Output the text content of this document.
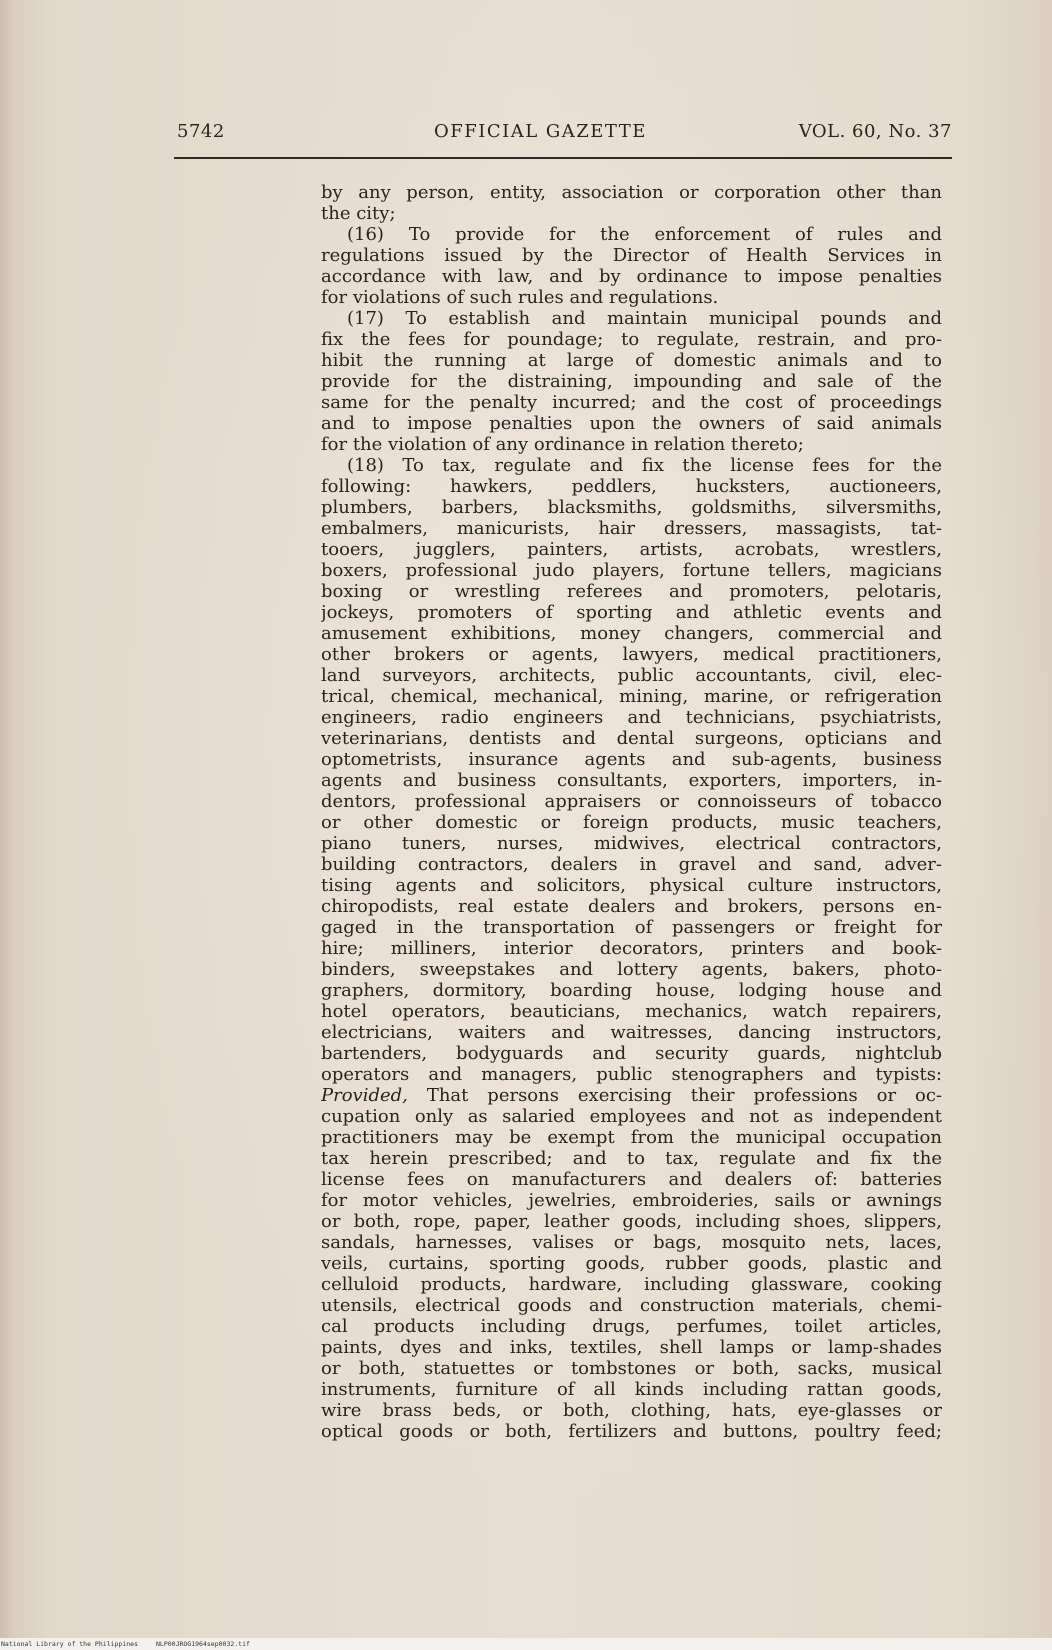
5742	OFFICIAL GAZETTE	VOL. 60, No. 37
by any person, entity, association or corporation other than
the city;
(16) To provide for the enforcement of rules and
regulations issued by the Director of Health Services in
accordance with law, and by ordinance to impose penalties
for violations of such rules and regulations.
(17) To establish and maintain municipal pounds and
fix the fees for poundage; to regulate, restrain, and pro-
hibit the running at large of domestic animals and to
provide for the distraining, impounding and sale of the
same for the penalty incurred; and the cost of proceedings
and to impose penalties upon the owners of said animals
for the violation of any ordinance in relation thereto;
(18) To tax, regulate and fix the license fees for the
following: hawkers, peddlers, hucksters, auctioneers,
plumbers, barbers, blacksmiths, goldsmiths, silversmiths,
embalmers, manicurists, hair dressers, massagists, tat-
tooers, jugglers, painters, artists, acrobats, wrestlers,
boxers, professional judo players, fortune tellers, magicians
boxing or wrestling referees and promoters, pelotaris,
jockeys, promoters of sporting and athletic events and
amusement exhibitions, money changers, commercial and
other brokers or agents, lawyers, medical practitioners,
land surveyors, architects, public accountants, civil, elec-
trical, chemical, mechanical, mining, marine, or refrigeration
engineers, radio engineers and technicians, psychiatrists,
veterinarians, dentists and dental surgeons, opticians and
optometrists, insurance agents and sub-agents, business
agents and business consultants, exporters, importers, in-
dentors, professional appraisers or connoisseurs of tobacco
or other domestic or foreign products, music teachers,
piano tuners, nurses, midwives, electrical contractors,
building contractors, dealers in gravel and sand, adver-
tising agents and solicitors, physical culture instructors,
chiropodists, real estate dealers and brokers, persons en-
gaged in the transportation of passengers or freight for
hire; milliners, interior decorators, printers and book-
binders, sweepstakes and lottery agents, bakers, photo-
graphers, dormitory, boarding house, lodging house and
hotel operators, beauticians, mechanics, watch repairers,
electricians, waiters and waitresses, dancing instructors,
bartenders, bodyguards and security guards, nightclub
operators and managers, public stenographers and typists:
Provided, That persons exercising their professions or oc-
cupation only as salaried employees and not as independent
practitioners may be exempt from the municipal occupation
tax herein prescribed; and to tax, regulate and fix the
license fees on manufacturers and dealers of: batteries
for motor vehicles, jewelries, embroideries, sails or awnings
or both, rope, paper, leather goods, including shoes, slippers,
sandals, harnesses, valises or bags, mosquito nets, laces,
veils, curtains, sporting goods, rubber goods, plastic and
celluloid products, hardware, including glassware, cooking
utensils, electrical goods and construction materials, chemi-
cal products including drugs, perfumes, toilet articles,
paints, dyes and inks, textiles, shell lamps or lamp-shades
or both, statuettes or tombstones or both, sacks, musical
instruments, furniture of all kinds including rattan goods,
wire brass beds, or both, clothing, hats, eye-glasses or
optical goods or both, fertilizers and buttons, poultry feed;
National Library of the Philippines	NLP00JROG1964sep0032.tif
